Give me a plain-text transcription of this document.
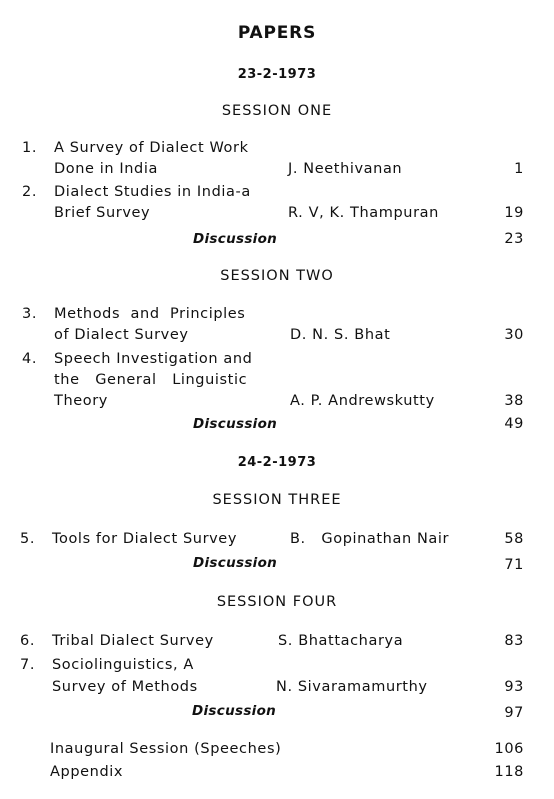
PAPERS
23-2-1973
SESSION ONE
1.	A Survey of Dialect Work
Done in India	J. Neethivanan	1
2.	Dialect Studies in India-a
Brief Survey	R. V, K. Thampuran	19
Discussion	23
SESSION TWO
3.	Methods  and  Principles
of Dialect Survey	D. N. S. Bhat	30
4.	Speech Investigation and
the   General   Linguistic
Theory	A. P. Andrewskutty	38
Discussion	49
24-2-1973
SESSION THREE
5.	Tools for Dialect Survey	B.   Gopinathan Nair	58
Discussion	71
SESSION FOUR
6.	Tribal Dialect Survey	S. Bhattacharya	83
7.	Sociolinguistics, A
Survey of Methods	N. Sivaramamurthy	93
Discussion	97
Inaugural Session (Speeches)	106
Appendix	118
